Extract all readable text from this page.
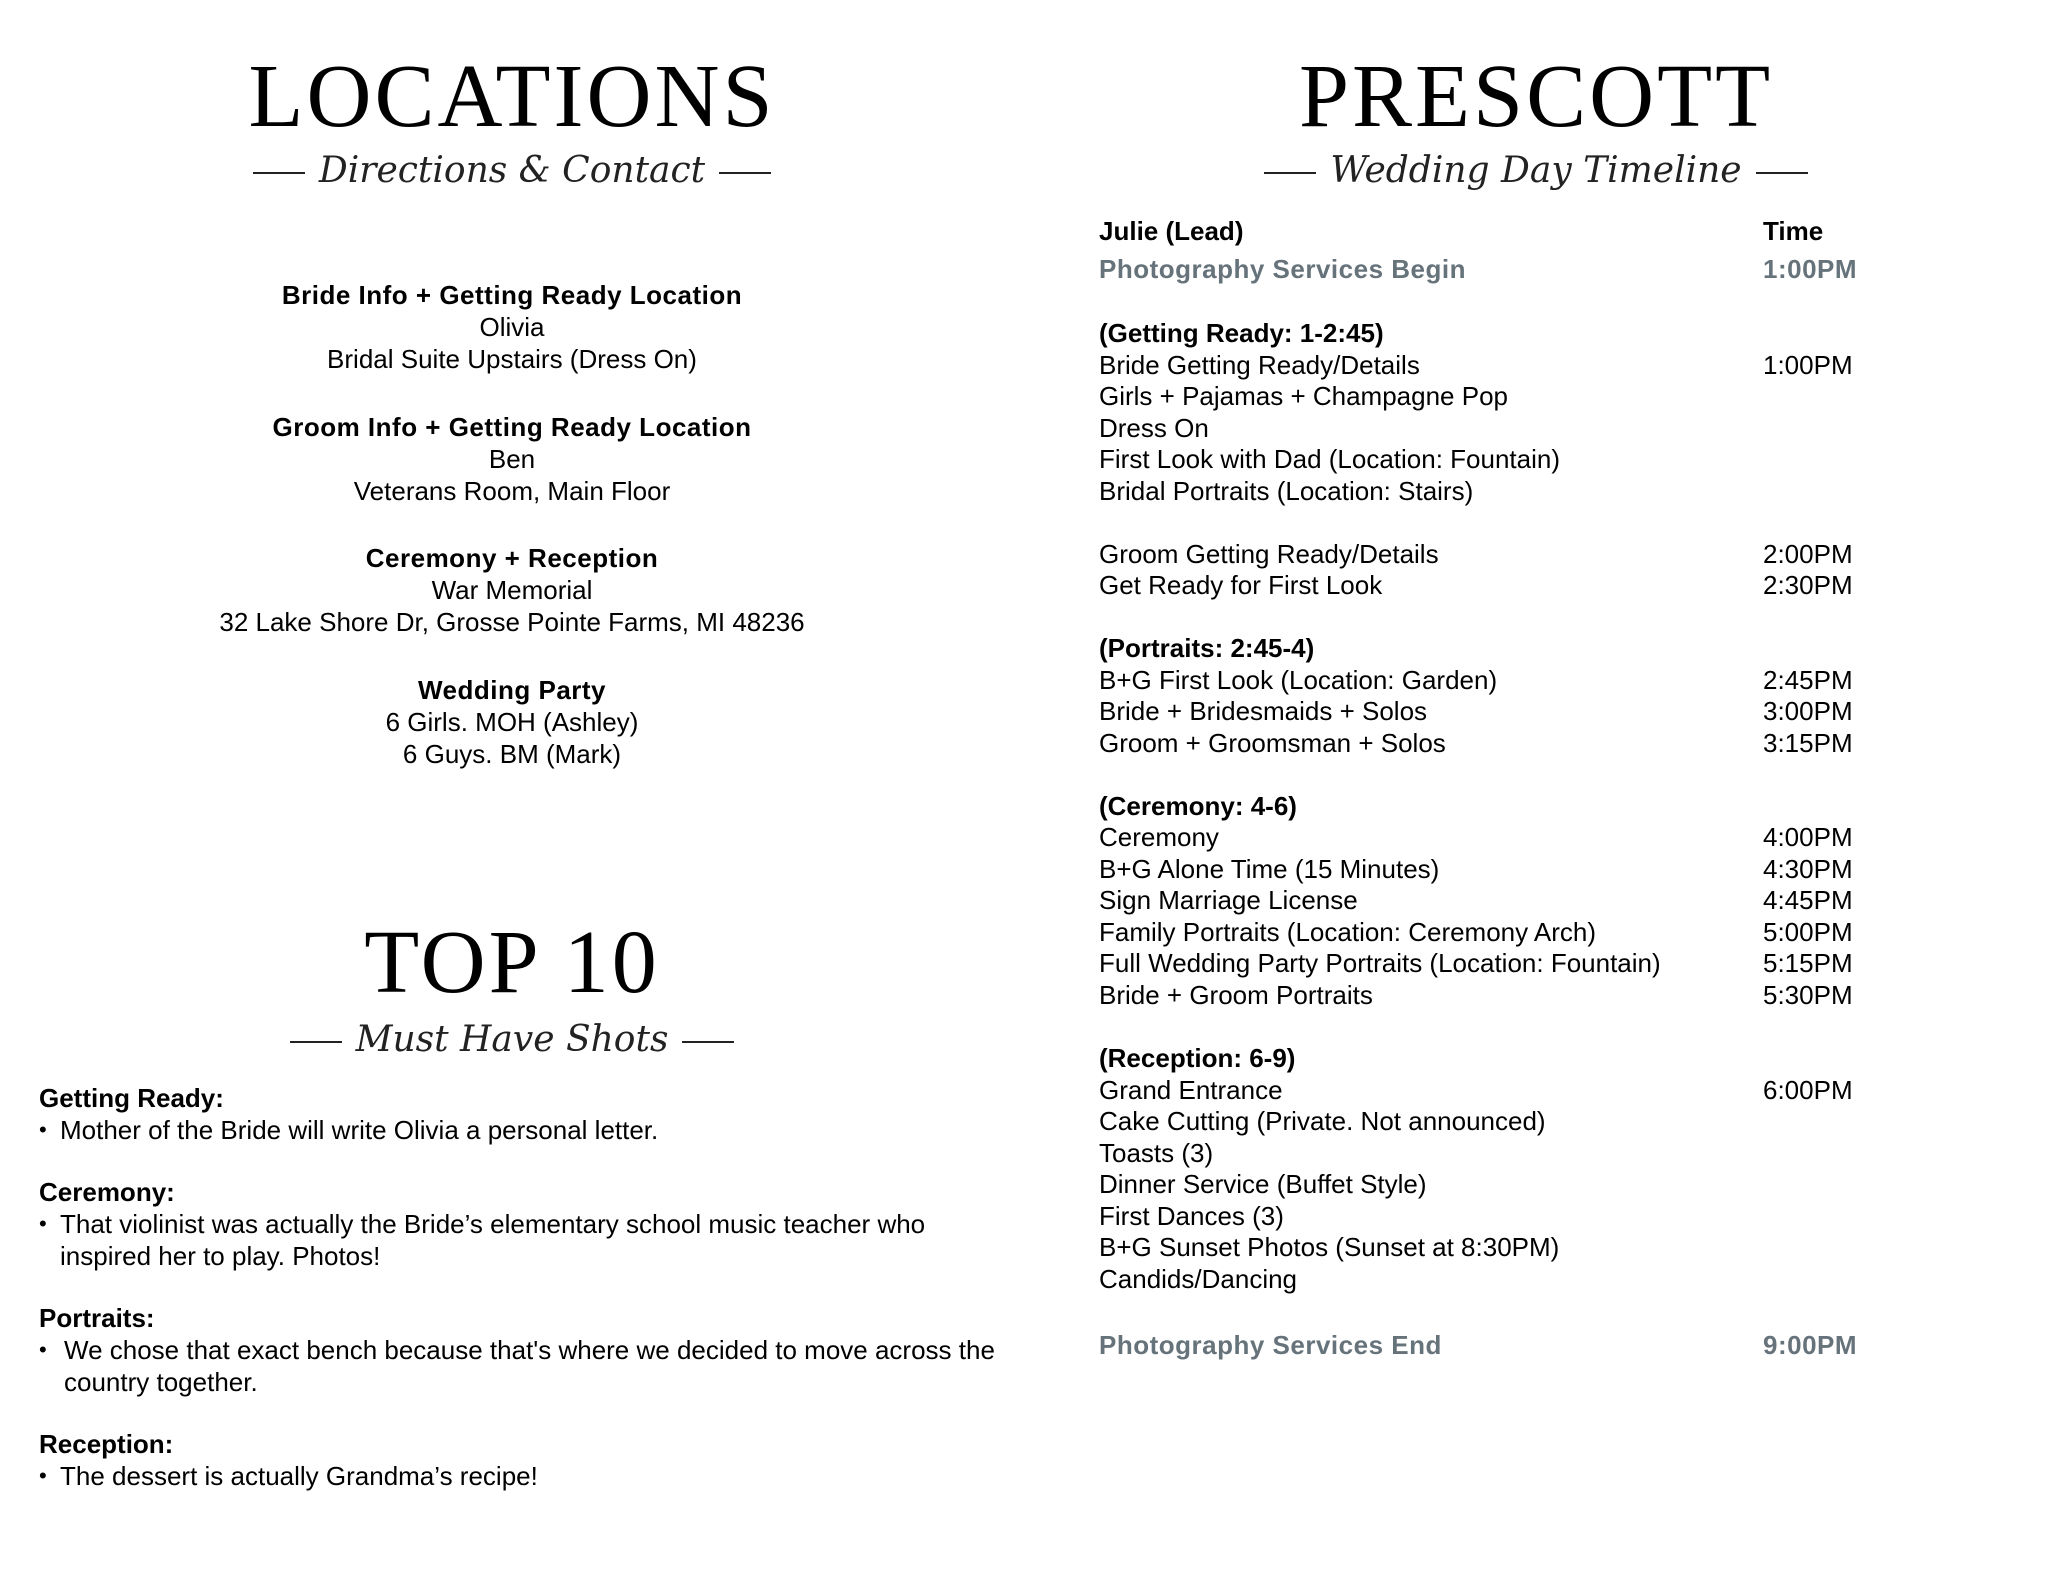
LOCATIONS
Directions & Contact
Bride Info + Getting Ready Location
Olivia
Bridal Suite Upstairs (Dress On)
Groom Info + Getting Ready Location
Ben
Veterans Room, Main Floor
Ceremony + Reception
War Memorial
32 Lake Shore Dr, Grosse Pointe Farms, MI 48236
Wedding Party
6 Girls. MOH (Ashley)
6 Guys. BM (Mark)
TOP 10
Must Have Shots
Getting Ready:
• Mother of the Bride will write Olivia a personal letter.
Ceremony:
• That violinist was actually the Bride’s elementary school music teacher who inspired her to play. Photos!
Portraits:
• We chose that exact bench because that's where we decided to move across the country together.
Reception:
• The dessert is actually Grandma’s recipe!
PRESCOTT
Wedding Day Timeline
Julie (Lead)	Time
Photography Services Begin	1:00PM
(Getting Ready: 1-2:45)
Bride Getting Ready/Details	1:00PM
Girls + Pajamas + Champagne Pop
Dress On
First Look with Dad (Location: Fountain)
Bridal Portraits (Location: Stairs)
Groom Getting Ready/Details	2:00PM
Get Ready for First Look	2:30PM
(Portraits: 2:45-4)
B+G First Look (Location: Garden)	2:45PM
Bride + Bridesmaids + Solos	3:00PM
Groom + Groomsman + Solos	3:15PM
(Ceremony: 4-6)
Ceremony	4:00PM
B+G Alone Time (15 Minutes)	4:30PM
Sign Marriage License	4:45PM
Family Portraits (Location: Ceremony Arch)	5:00PM
Full Wedding Party Portraits (Location: Fountain)	5:15PM
Bride + Groom Portraits	5:30PM
(Reception: 6-9)
Grand Entrance	6:00PM
Cake Cutting (Private. Not announced)
Toasts (3)
Dinner Service (Buffet Style)
First Dances (3)
B+G Sunset Photos (Sunset at 8:30PM)
Candids/Dancing
Photography Services End	9:00PM
